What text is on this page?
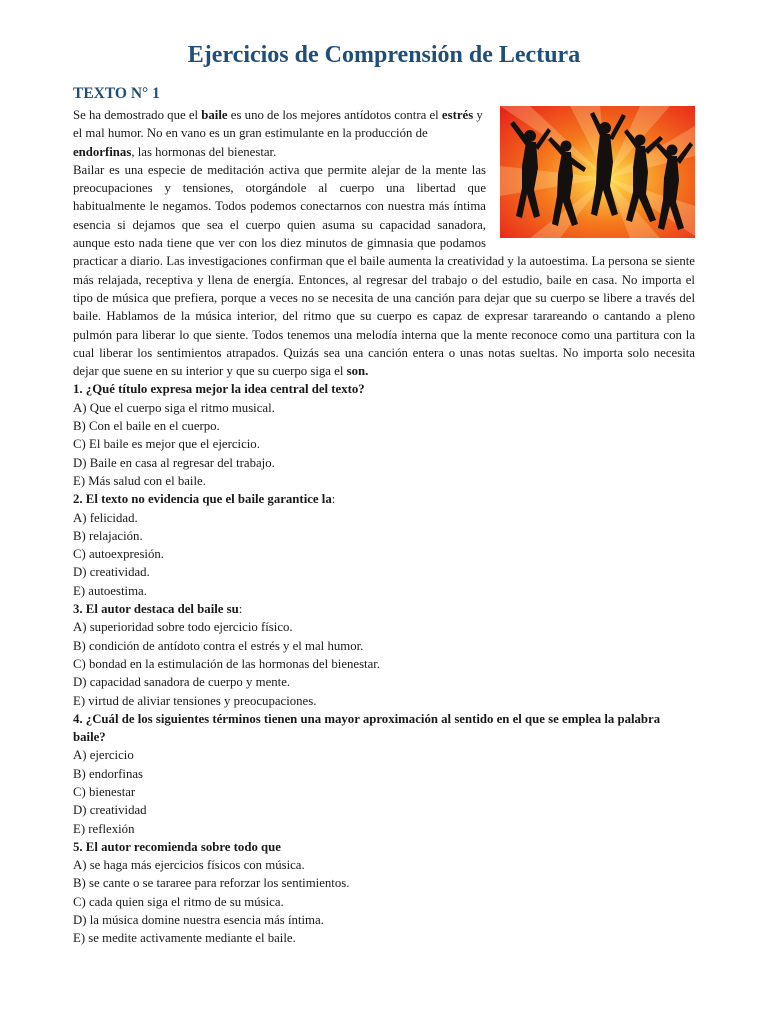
Ejercicios de Comprensión de Lectura
TEXTO N° 1

Se ha demostrado que el baile es uno de los mejores antídotos contra el estrés y el mal humor. No en vano es un gran estimulante en la producción de endorfinas, las hormonas del bienestar.

Bailar es una especie de meditación activa que permite alejar de la mente las preocupaciones y tensiones, otorgándole al cuerpo una libertad que habitualmente le negamos. Todos podemos conectarnos con nuestra más íntima esencia si dejamos que sea el cuerpo quien asuma su capacidad sanadora, aunque esto nada tiene que ver con los diez minutos de gimnasia que podamos practicar a diario. Las investigaciones confirman que el baile aumenta la creatividad y la autoestima. La persona se siente más relajada, receptiva y llena de energía. Entonces, al regresar del trabajo o del estudio, baile en casa. No importa el tipo de música que prefiera, porque a veces no se necesita de una canción para dejar que su cuerpo se libere a través del baile. Hablamos de la música interior, del ritmo que su cuerpo es capaz de expresar tarareando o cantando a pleno pulmón para liberar lo que siente. Todos tenemos una melodía interna que la mente reconoce como una partitura con la cual liberar los sentimientos atrapados. Quizás sea una canción entera o unas notas sueltas. No importa solo necesita dejar que suene en su interior y que su cuerpo siga el son.

1. ¿Qué título expresa mejor la idea central del texto?

A) Que el cuerpo siga el ritmo musical.

B) Con el baile en el cuerpo.

C) El baile es mejor que el ejercicio.

D) Baile en casa al regresar del trabajo.

E) Más salud con el baile.

2. El texto no evidencia que el baile garantice la:

A) felicidad.

B) relajación.

C) autoexpresión.

D) creatividad.

E) autoestima.

3. El autor destaca del baile su:

A) superioridad sobre todo ejercicio físico.

B) condición de antídoto contra el estrés y el mal humor.

C) bondad en la estimulación de las hormonas del bienestar.

D) capacidad sanadora de cuerpo y mente.

E) virtud de aliviar tensiones y preocupaciones.

4. ¿Cuál de los siguientes términos tienen una mayor aproximación al sentido en el que se emplea la palabra baile?

A) ejercicio

B) endorfinas

C) bienestar

D) creatividad

E) reflexión

5. El autor recomienda sobre todo que

A) se haga más ejercicios físicos con música.

B) se cante o se tararee para reforzar los sentimientos.

C) cada quien siga el ritmo de su música.

D) la música domine nuestra esencia más íntima.

E) se medite activamente mediante el baile.
